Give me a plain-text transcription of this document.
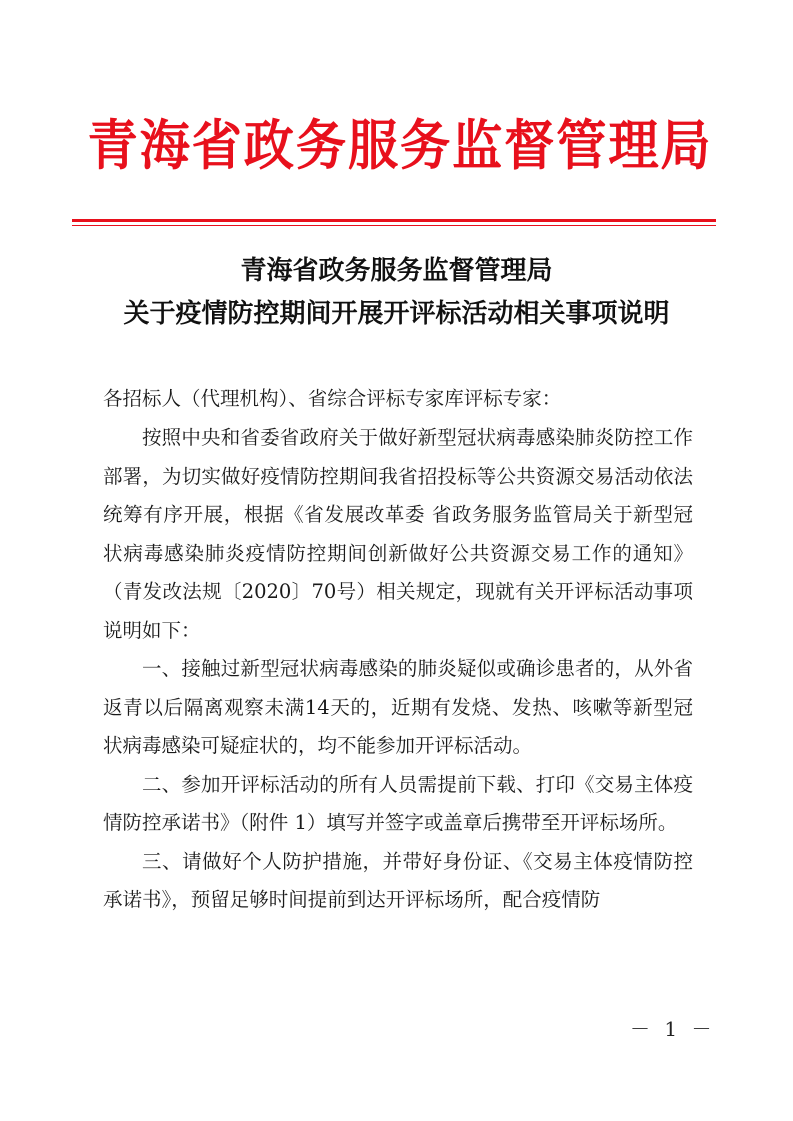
青海省政务服务监督管理局
青海省政务服务监督管理局
关于疫情防控期间开展开评标活动相关事项说明
各招标人（代理机构）、省综合评标专家库评标专家：

按照中央和省委省政府关于做好新型冠状病毒感染肺炎防控工作部署，为切实做好疫情防控期间我省招投标等公共资源交易活动依法统筹有序开展，根据《省发展改革委 省政务服务监管局关于新型冠状病毒感染肺炎疫情防控期间创新做好公共资源交易工作的通知》（青发改法规〔2020〕70号）相关规定，现就有关开评标活动事项说明如下：

一、接触过新型冠状病毒感染的肺炎疑似或确诊患者的，从外省返青以后隔离观察未满14天的，近期有发烧、发热、咳嗽等新型冠状病毒感染可疑症状的，均不能参加开评标活动。

二、参加开评标活动的所有人员需提前下载、打印《交易主体疫情防控承诺书》（附件 1）填写并签字或盖章后携带至开评标场所。

三、请做好个人防护措施，并带好身份证、《交易主体疫情防控承诺书》，预留足够时间提前到达开评标场所，配合疫情防

－ 1 －
